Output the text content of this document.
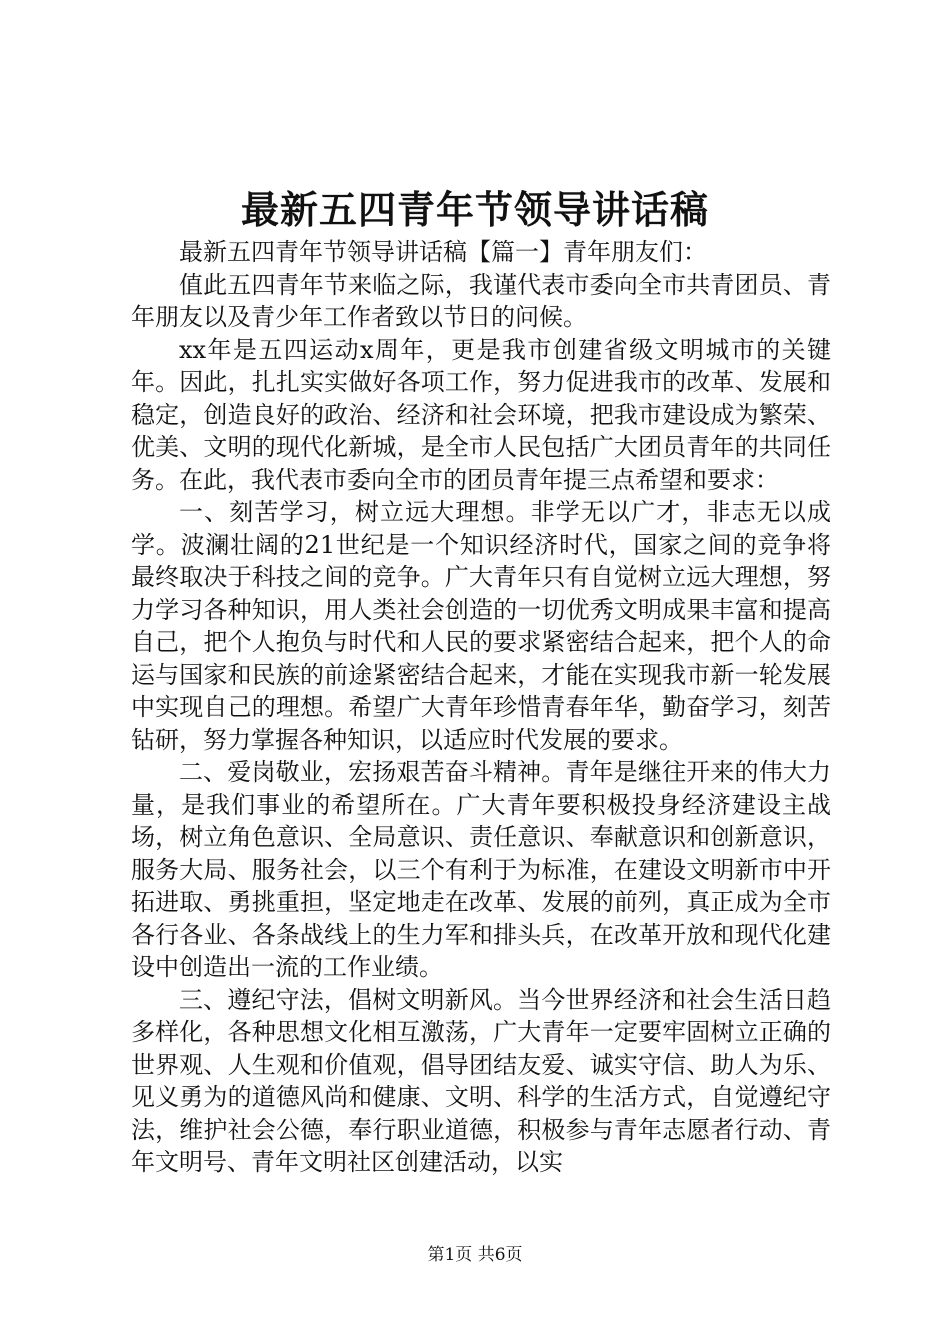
最新五四青年节领导讲话稿

最新五四青年节领导讲话稿【篇一】青年朋友们：

值此五四青年节来临之际，我谨代表市委向全市共青团员、青年朋友以及青少年工作者致以节日的问候。

xx年是五四运动x周年，更是我市创建省级文明城市的关键年。因此，扎扎实实做好各项工作，努力促进我市的改革、发展和稳定，创造良好的政治、经济和社会环境，把我市建设成为繁荣、优美、文明的现代化新城，是全市人民包括广大团员青年的共同任务。在此，我代表市委向全市的团员青年提三点希望和要求：

一、刻苦学习，树立远大理想。非学无以广才，非志无以成学。波澜壮阔的21世纪是一个知识经济时代，国家之间的竞争将最终取决于科技之间的竞争。广大青年只有自觉树立远大理想，努力学习各种知识，用人类社会创造的一切优秀文明成果丰富和提高自己，把个人抱负与时代和人民的要求紧密结合起来，把个人的命运与国家和民族的前途紧密结合起来，才能在实现我市新一轮发展中实现自己的理想。希望广大青年珍惜青春年华，勤奋学习，刻苦钻研，努力掌握各种知识，以适应时代发展的要求。

二、爱岗敬业，宏扬艰苦奋斗精神。青年是继往开来的伟大力量，是我们事业的希望所在。广大青年要积极投身经济建设主战场，树立角色意识、全局意识、责任意识、奉献意识和创新意识，服务大局、服务社会，以三个有利于为标准，在建设文明新市中开拓进取、勇挑重担，坚定地走在改革、发展的前列，真正成为全市各行各业、各条战线上的生力军和排头兵，在改革开放和现代化建设中创造出一流的工作业绩。

三、遵纪守法，倡树文明新风。当今世界经济和社会生活日趋多样化，各种思想文化相互激荡，广大青年一定要牢固树立正确的世界观、人生观和价值观，倡导团结友爱、诚实守信、助人为乐、见义勇为的道德风尚和健康、文明、科学的生活方式，自觉遵纪守法，维护社会公德，奉行职业道德，积极参与青年志愿者行动、青年文明号、青年文明社区创建活动，以实

第1页 共6页
